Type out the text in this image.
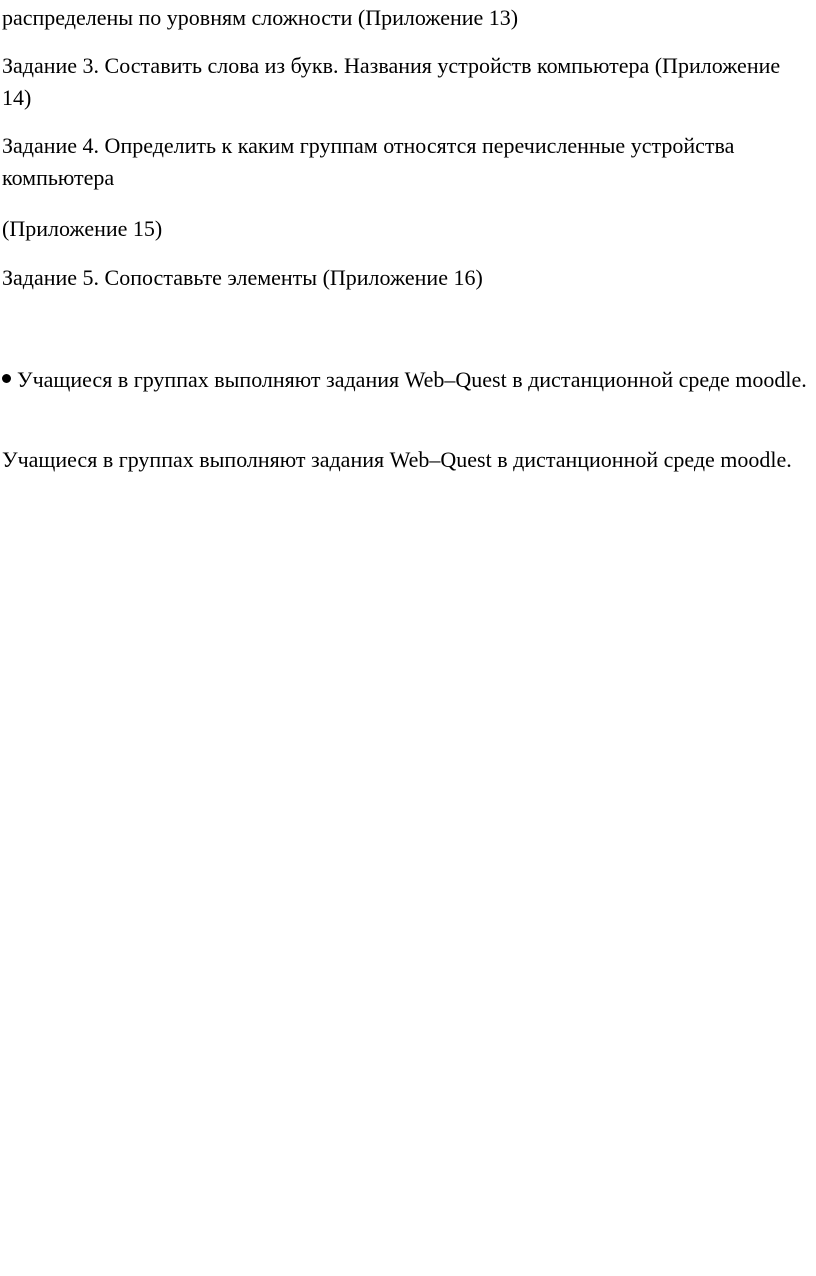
распределены по уровням сложности (Приложение 13)

Задание 3. Составить слова из букв. Названия устройств компьютера (Приложение 14)

Задание 4. Определить к каким группам относятся перечисленные устройства компьютера

(Приложение 15)

Задание 5. Сопоставьте элементы (Приложение 16)

Учащиеся в группах выполняют задания Web–Quest в дистанционной среде moodle.

Учащиеся в группах выполняют задания Web–Quest в дистанционной среде moodle.
